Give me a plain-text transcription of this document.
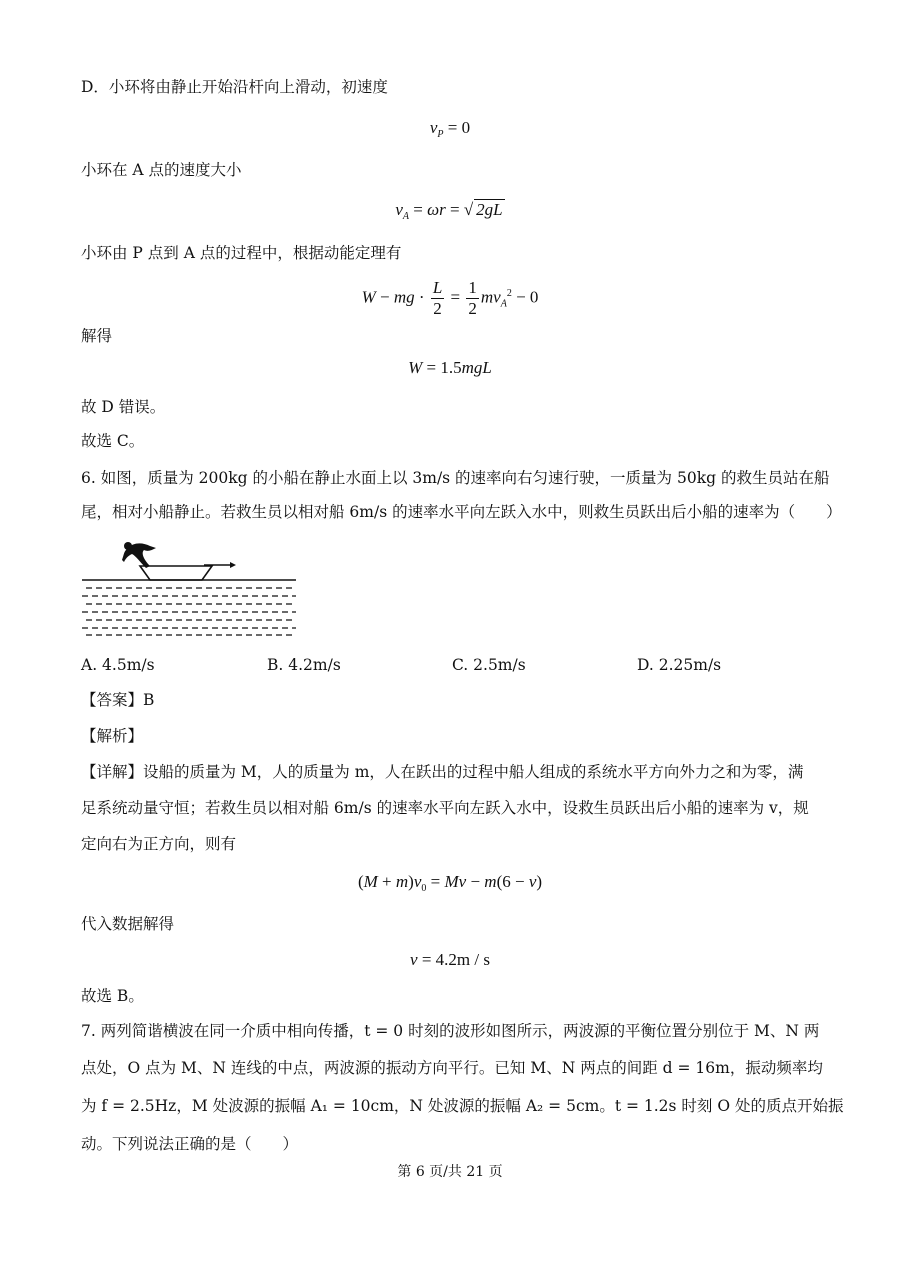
D．小环将由静止开始沿杆向上滑动，初速度
$v_P = 0$
小环在 A 点的速度大小
$v_A = \omega r$ = √ 2gL
小环由 P 点到 A 点的过程中，根据动能定理有
W − mg · $\frac{L}{2} = \frac{1}{2} mv_A^2 - 0$
解得
W = 1.5mgL
故 D 错误。
故选 C。
6. 如图，质量为 200kg 的小船在静止水面上以 3m/s 的速率向右匀速行驶，一质量为 50kg 的救生员站在船
尾，相对小船静止。若救生员以相对船 6m/s 的速率水平向左跃入水中，则救生员跃出后小船的速率为（　　）
A. 4.5m/s	B. 4.2m/s	C. 2.5m/s	D. 2.25m/s
【答案】B
【解析】
【详解】设船的质量为 M，人的质量为 m，人在跃出的过程中船人组成的系统水平方向外力之和为零，满
足系统动量守恒；若救生员以相对船 6m/s 的速率水平向左跃入水中，设救生员跃出后小船的速率为 v，规
定向右为正方向，则有
$(M + m)v_0 = Mv - m(6 - v)$
代入数据解得
v = 4.2m / s
故选 B。
7. 两列简谐横波在同一介质中相向传播，t = 0 时刻的波形如图所示，两波源的平衡位置分别位于 M、N 两
点处，O 点为 M、N 连线的中点，两波源的振动方向平行。已知 M、N 两点的间距 d = 16m，振动频率均
为 f = 2.5Hz，M 处波源的振幅 A₁ = 10cm，N 处波源的振幅 A₂ = 5cm。t = 1.2s 时刻 O 处的质点开始振
动。下列说法正确的是（　　）
第 6 页/共 21 页
